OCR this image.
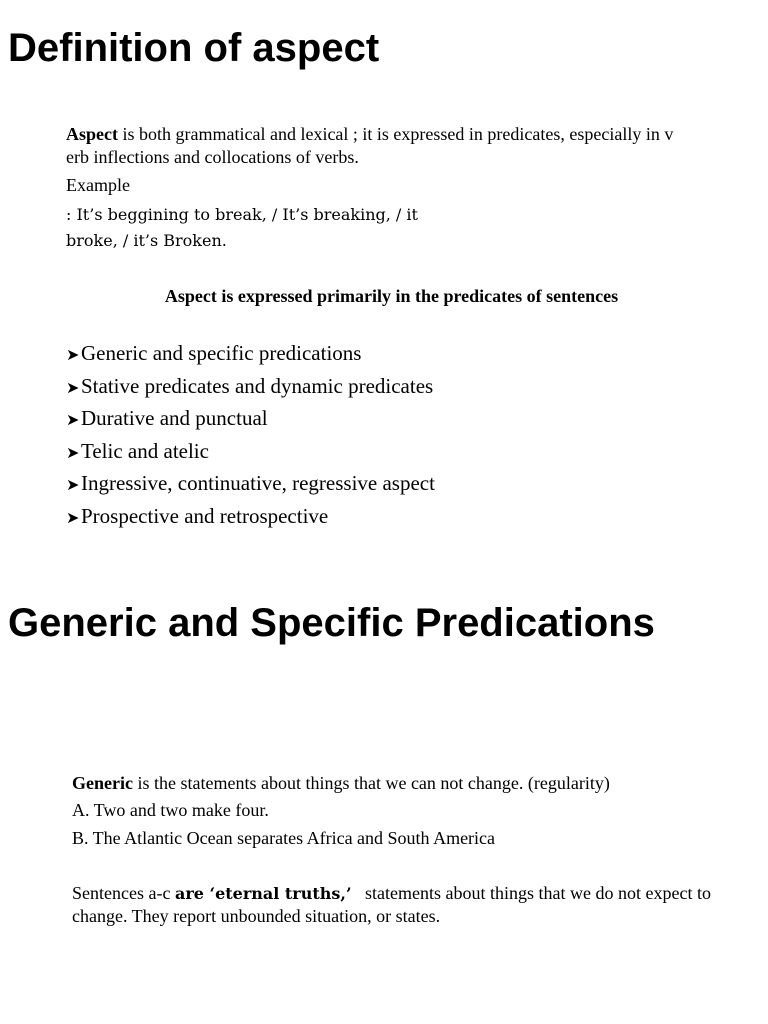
Definition of aspect
Aspect is both grammatical and lexical ; it is expressed in predicates, especially in v
erb inflections and collocations of verbs.
Example
: It’s beggining to break, / It’s breaking, / it
broke, / it’s Broken.
Aspect is expressed primarily in the predicates of sentences
➤Generic and specific predications
➤Stative predicates and dynamic predicates
➤Durative and punctual
➤Telic and atelic
➤Ingressive, continuative, regressive aspect
➤Prospective and retrospective
Generic and Specific Predications
Generic is the statements about things that we can not change. (regularity)
A. Two and two make four.
B. The Atlantic Ocean separates Africa and South America
Sentences a-c are ‘eternal truths,’   statements about things that we do not expect to
change. They report unbounded situation, or states.
